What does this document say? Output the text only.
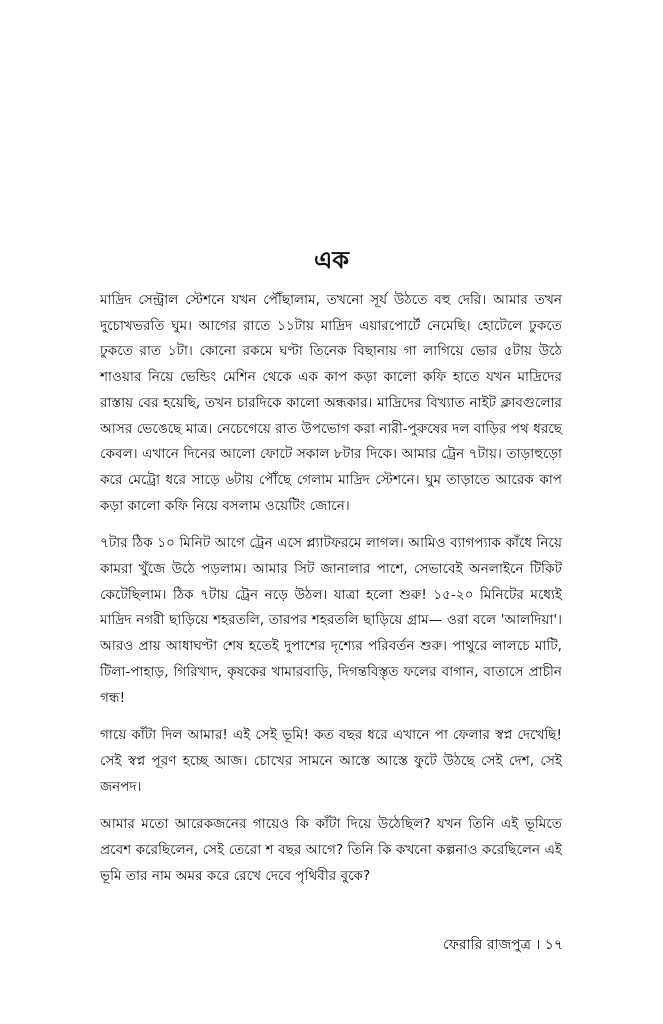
এক

মাদ্রিদ সেন্ট্রাল স্টেশনে যখন পৌঁছালাম, তখনো সূর্য উঠতে বহু দেরি। আমার তখন দুচোখভরতি ঘুম। আগের রাতে ১১টায় মাদ্রিদ এয়ারপোর্টে নেমেছি। হোটেলে ঢুকতে ঢুকতে রাত ১টা। কোনো রকমে ঘণ্টা তিনেক বিছানায় গা লাগিয়ে ভোর ৫টায় উঠে শাওয়ার নিয়ে ভেন্ডিং মেশিন থেকে এক কাপ কড়া কালো কফি হাতে যখন মাদ্রিদের রাস্তায় বের হয়েছি, তখন চারদিকে কালো অন্ধকার। মাদ্রিদের বিখ্যাত নাইট ক্লাবগুলোর আসর ভেঙেছে মাত্র। নেচেগেয়ে রাত উপভোগ করা নারী-পুরুষের দল বাড়ির পথ ধরছে কেবল। এখানে দিনের আলো ফোটে সকাল ৮টার দিকে। আমার ট্রেন ৭টায়। তাড়াহুড়ো করে মেট্রো ধরে সাড়ে ৬টায় পৌঁছে গেলাম মাদ্রিদ স্টেশনে। ঘুম তাড়াতে আরেক কাপ কড়া কালো কফি নিয়ে বসলাম ওয়েটিং জোনে।

৭টার ঠিক ১০ মিনিট আগে ট্রেন এসে প্ল্যাটফরমে লাগল। আমিও ব্যাগপ্যাক কাঁধে নিয়ে কামরা খুঁজে উঠে পড়লাম। আমার সিট জানালার পাশে, সেভাবেই অনলাইনে টিকিট কেটেছিলাম। ঠিক ৭টায় ট্রেন নড়ে উঠল। যাত্রা হলো শুরু! ১৫-২০ মিনিটের মধ্যেই মাদ্রিদ নগরী ছাড়িয়ে শহরতলি, তারপর শহরতলি ছাড়িয়ে গ্রাম— ওরা বলে 'আলদিয়া'। আরও প্রায় আধাঘণ্টা শেষ হতেই দুপাশের দৃশ্যের পরিবর্তন শুরু। পাথুরে লালচে মাটি, টিলা-পাহাড়, গিরিখাদ, কৃষকের খামারবাড়ি, দিগন্তবিস্তৃত ফলের বাগান, বাতাসে প্রাচীন গন্ধ!

গায়ে কাঁটা দিল আমার! এই সেই ভূমি! কত বছর ধরে এখানে পা ফেলার স্বপ্ন দেখেছি! সেই স্বপ্ন পূরণ হচ্ছে আজ। চোখের সামনে আস্তে আস্তে ফুটে উঠছে সেই দেশ, সেই জনপদ।

আমার মতো আরেকজনের গায়েও কি কাঁটা দিয়ে উঠেছিল? যখন তিনি এই ভূমিতে প্রবেশ করেছিলেন, সেই তেরো শ বছর আগে? তিনি কি কখনো কল্পনাও করেছিলেন এই ভূমি তার নাম অমর করে রেখে দেবে পৃথিবীর বুকে?

ফেরারি রাজপুত্র । ১৭
